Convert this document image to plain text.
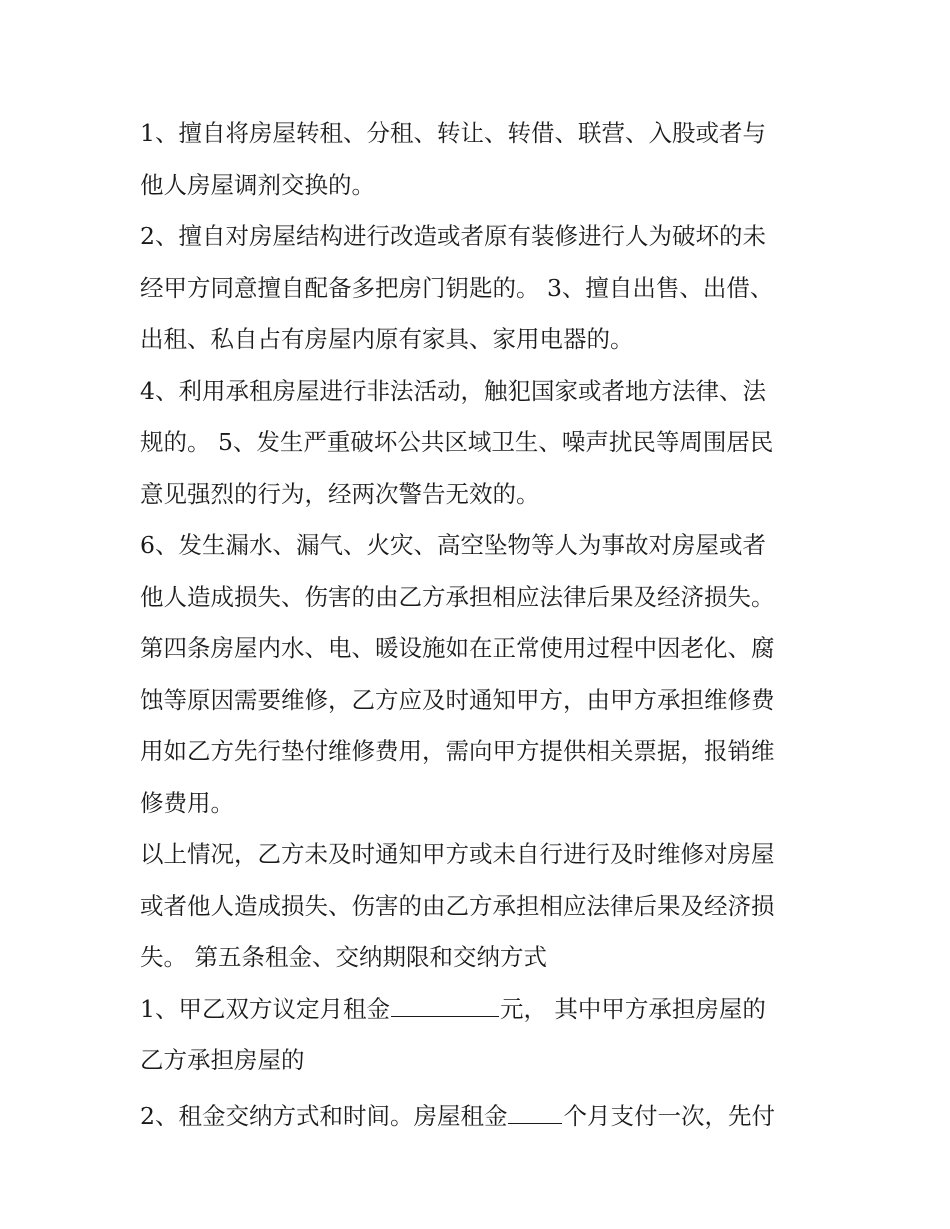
1、擅自将房屋转租、分租、转让、转借、联营、入股或者与
他人房屋调剂交换的。
2、擅自对房屋结构进行改造或者原有装修进行人为破坏的未
经甲方同意擅自配备多把房门钥匙的。 3、擅自出售、出借、
出租、私自占有房屋内原有家具、家用电器的。
4、利用承租房屋进行非法活动，触犯国家或者地方法律、法
规的。 5、发生严重破坏公共区域卫生、噪声扰民等周围居民
意见强烈的行为，经两次警告无效的。
6、发生漏水、漏气、火灾、高空坠物等人为事故对房屋或者
他人造成损失、伤害的由乙方承担相应法律后果及经济损失。
第四条房屋内水、电、暖设施如在正常使用过程中因老化、腐
蚀等原因需要维修，乙方应及时通知甲方，由甲方承担维修费
用如乙方先行垫付维修费用，需向甲方提供相关票据，报销维
修费用。
以上情况，乙方未及时通知甲方或未自行进行及时维修对房屋
或者他人造成损失、伤害的由乙方承担相应法律后果及经济损
失。 第五条租金、交纳期限和交纳方式
1、甲乙双方议定月租金	元， 其中甲方承担房屋的
乙方承担房屋的
2、租金交纳方式和时间。房屋租金 个月支付一次，先付
